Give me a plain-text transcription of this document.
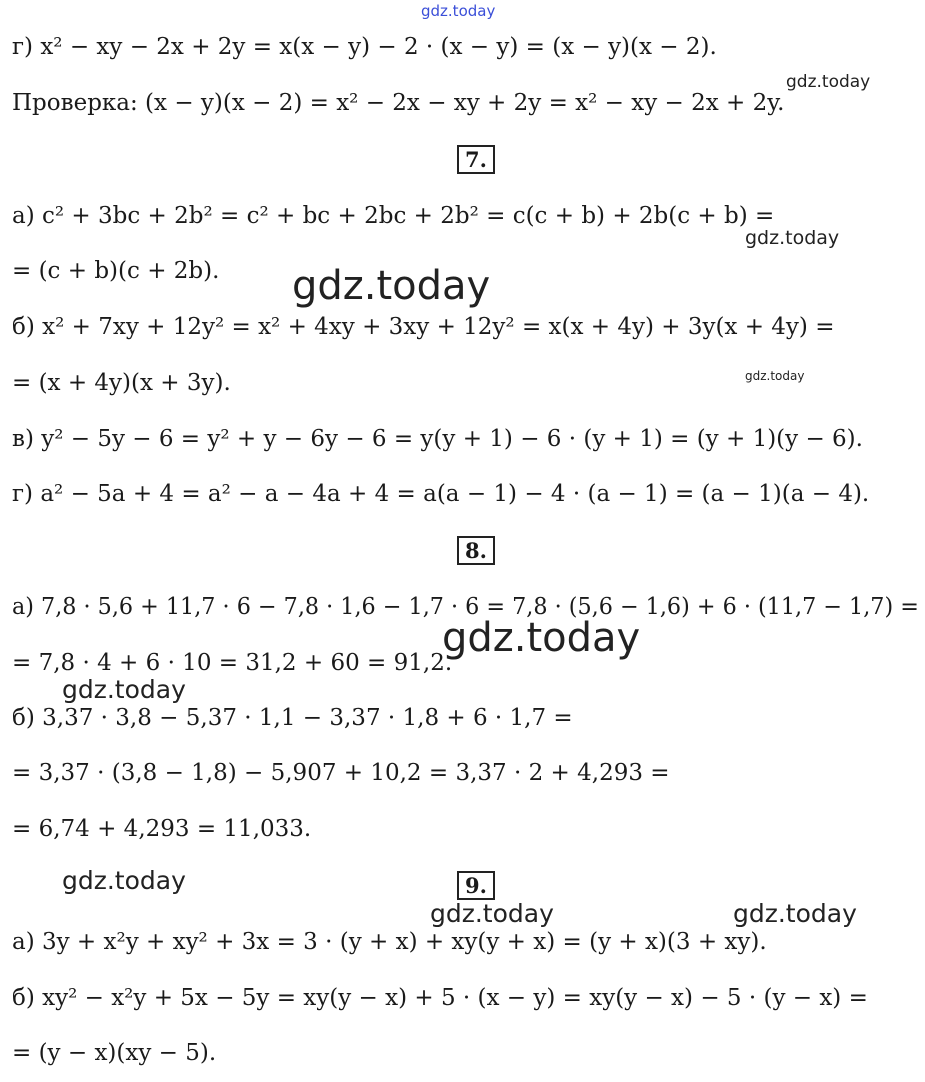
gdz.today
gdz.today
gdz.today
gdz.today
gdz.today
gdz.today
gdz.today
gdz.today
gdz.today	gdz.today
г) x² − xy − 2x + 2y = x(x − y) − 2 · (x − y) = (x − y)(x − 2).
Проверка: (x − y)(x − 2) = x² − 2x − xy + 2y = x² − xy − 2x + 2y.
7.
а) c² + 3bc + 2b² = c² + bc + 2bc + 2b² = c(c + b) + 2b(c + b) =
= (c + b)(c + 2b).
б) x² + 7xy + 12y² = x² + 4xy + 3xy + 12y² = x(x + 4y) + 3y(x + 4y) =
= (x + 4y)(x + 3y).
в) y² − 5y − 6 = y² + y − 6y − 6 = y(y + 1) − 6 · (y + 1) = (y + 1)(y − 6).
г) a² − 5a + 4 = a² − a − 4a + 4 = a(a − 1) − 4 · (a − 1) = (a − 1)(a − 4).
8.
а) 7,8 · 5,6 + 11,7 · 6 − 7,8 · 1,6 − 1,7 · 6 = 7,8 · (5,6 − 1,6) + 6 · (11,7 − 1,7) =
= 7,8 · 4 + 6 · 10 = 31,2 + 60 = 91,2.
б) 3,37 · 3,8 − 5,37 · 1,1 − 3,37 · 1,8 + 6 · 1,7 =
= 3,37 · (3,8 − 1,8) − 5,907 + 10,2 = 3,37 · 2 + 4,293 =
= 6,74 + 4,293 = 11,033.
9.
а) 3y + x²y + xy² + 3x = 3 · (y + x) + xy(y + x) = (y + x)(3 + xy).
б) xy² − x²y + 5x − 5y = xy(y − x) + 5 · (x − y) = xy(y − x) − 5 · (y − x) =
= (y − x)(xy − 5).
